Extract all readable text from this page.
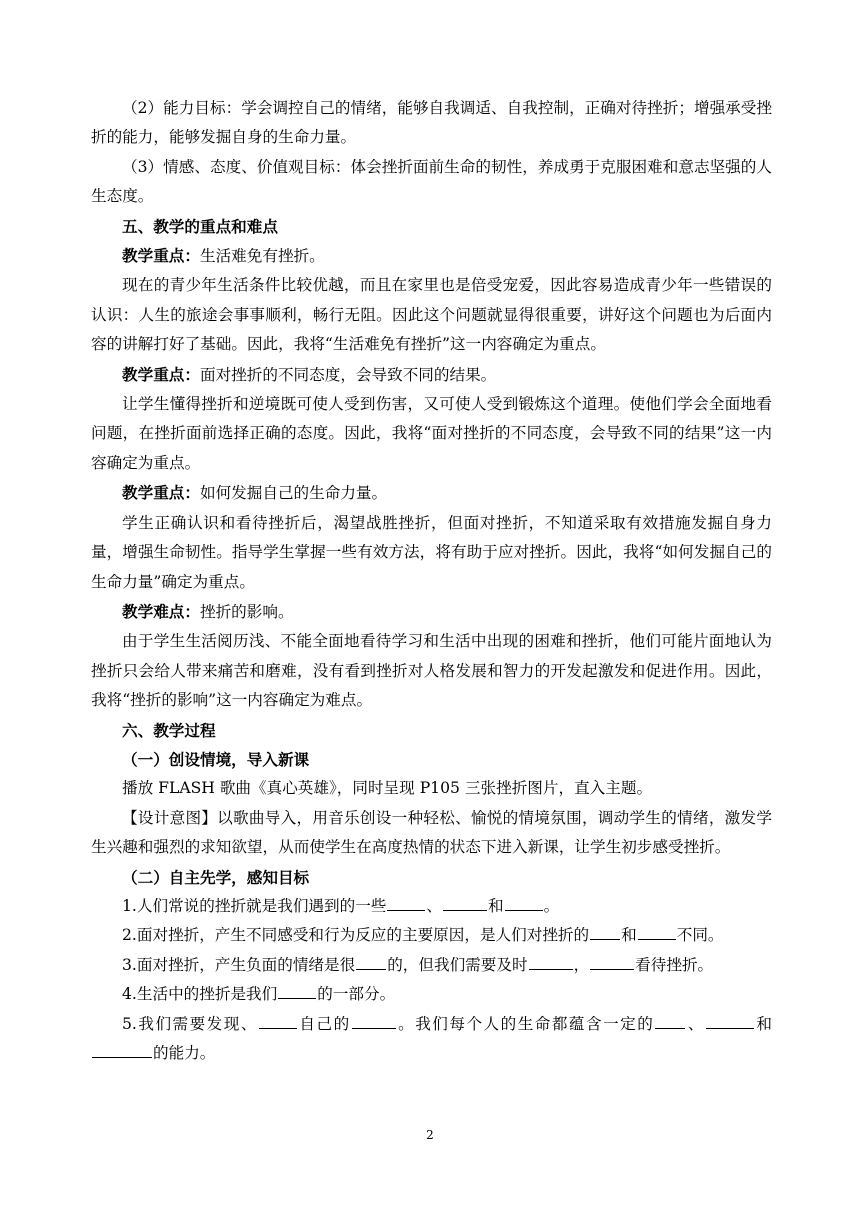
（2）能力目标：学会调控自己的情绪，能够自我调适、自我控制，正确对待挫折；增强承受挫折的能力，能够发掘自身的生命力量。

（3）情感、态度、价值观目标：体会挫折面前生命的韧性，养成勇于克服困难和意志坚强的人生态度。

五、教学的重点和难点

教学重点：生活难免有挫折。

现在的青少年生活条件比较优越，而且在家里也是倍受宠爱，因此容易造成青少年一些错误的认识：人生的旅途会事事顺利，畅行无阻。因此这个问题就显得很重要，讲好这个问题也为后面内容的讲解打好了基础。因此，我将“生活难免有挫折”这一内容确定为重点。

教学重点：面对挫折的不同态度，会导致不同的结果。

让学生懂得挫折和逆境既可使人受到伤害，又可使人受到锻炼这个道理。使他们学会全面地看问题，在挫折面前选择正确的态度。因此，我将“面对挫折的不同态度，会导致不同的结果”这一内容确定为重点。

教学重点：如何发掘自己的生命力量。

学生正确认识和看待挫折后，渴望战胜挫折，但面对挫折，不知道采取有效措施发掘自身力量，增强生命韧性。指导学生掌握一些有效方法，将有助于应对挫折。因此，我将“如何发掘自己的生命力量”确定为重点。

教学难点：挫折的影响。

由于学生生活阅历浅、不能全面地看待学习和生活中出现的困难和挫折，他们可能片面地认为挫折只会给人带来痛苦和磨难，没有看到挫折对人格发展和智力的开发起激发和促进作用。因此，我将“挫折的影响”这一内容确定为难点。

六、教学过程

（一）创设情境，导入新课

播放 FLASH 歌曲《真心英雄》，同时呈现 P105 三张挫折图片，直入主题。

【设计意图】以歌曲导入，用音乐创设一种轻松、愉悦的情境氛围，调动学生的情绪，激发学生兴趣和强烈的求知欲望，从而使学生在高度热情的状态下进入新课，让学生初步感受挫折。

（二）自主先学，感知目标

1.人们常说的挫折就是我们遇到的一些	、	和	。

2.面对挫折，产生不同感受和行为反应的主要原因，是人们对挫折的 和	不同。

3.面对挫折，产生负面的情绪是很 的，但我们需要及时	，	看待挫折。

4.生活中的挫折是我们	的一部分。

5.我们需要发现、	自己的	。我们每个人的生命都蕴含一定的 、	和的能力。

2
